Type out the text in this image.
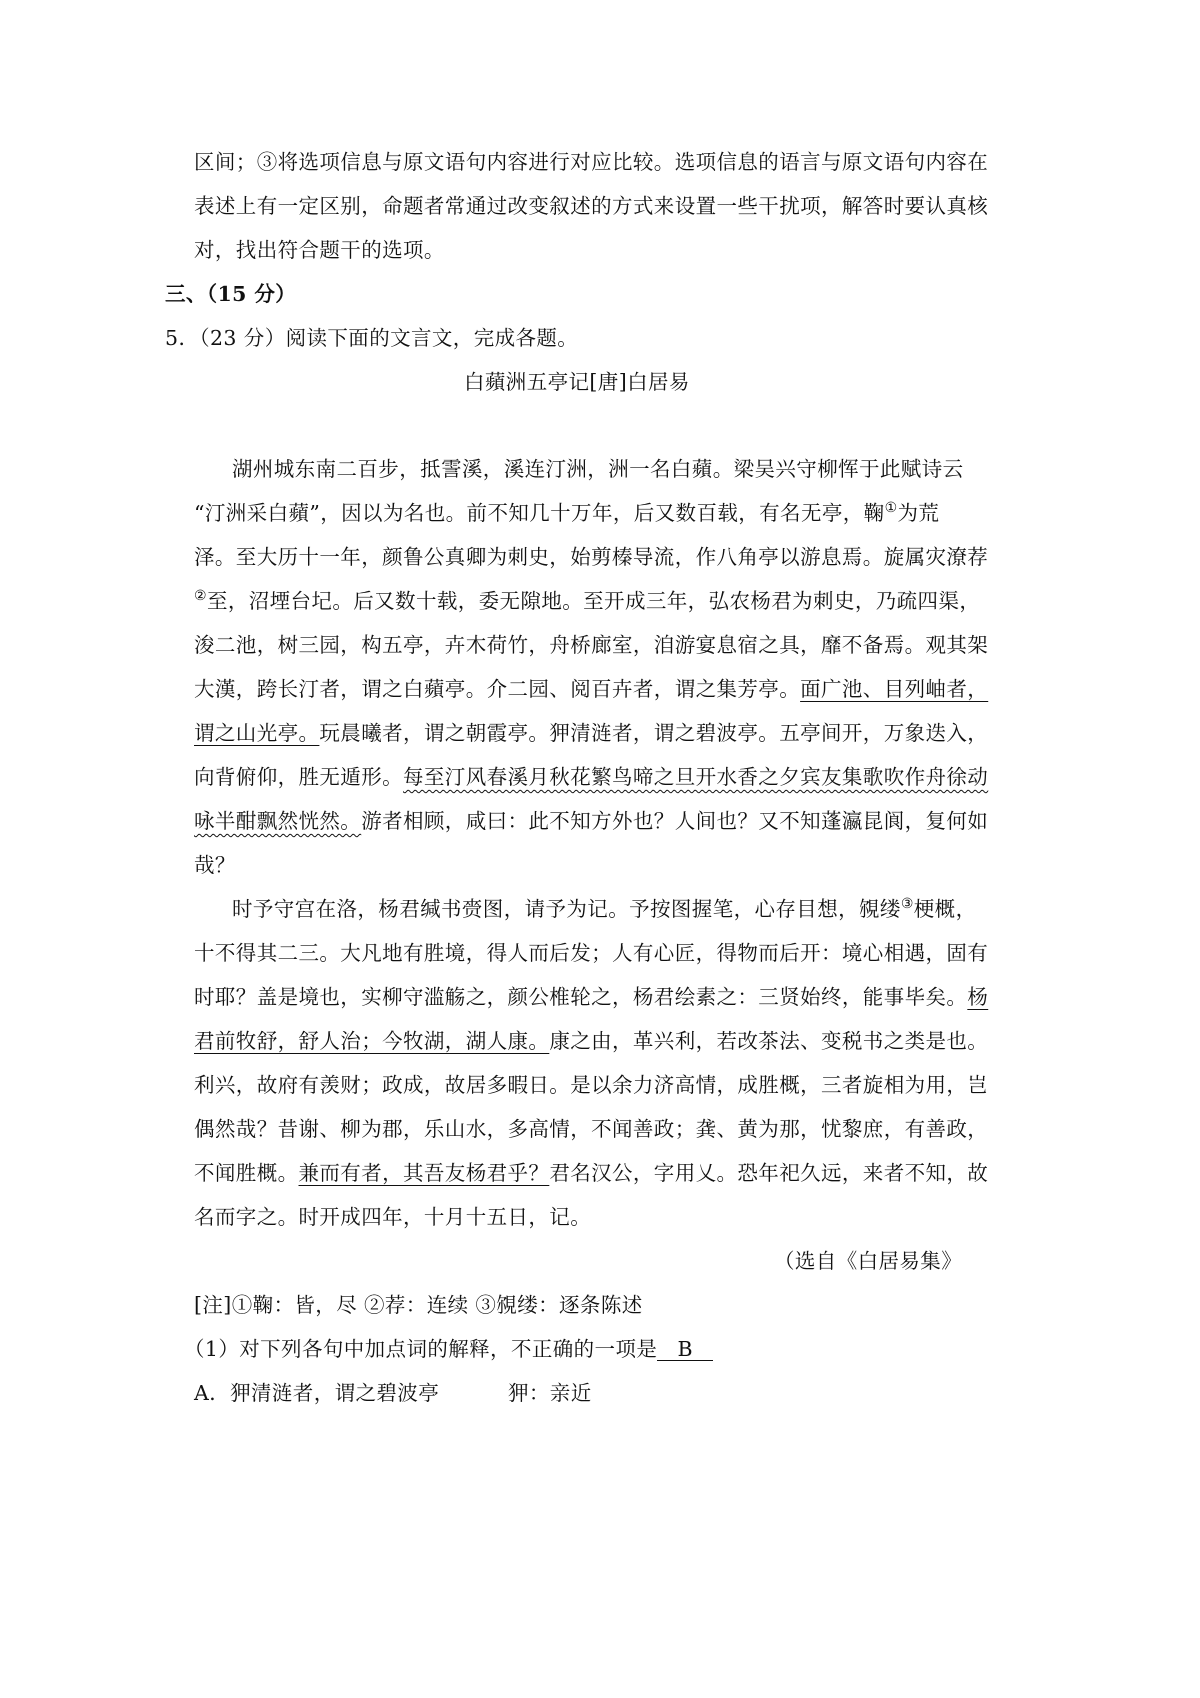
区间；③将选项信息与原文语句内容进行对应比较。选项信息的语言与原文语句内容在
表述上有一定区别，命题者常通过改变叙述的方式来设置一些干扰项，解答时要认真核
对，找出符合题干的选项。
三、（15 分）
5．（23 分）阅读下面的文言文，完成各题。
白蘋洲五亭记[唐]白居易
湖州城东南二百步，抵霅溪，溪连汀洲，洲一名白蘋。梁吴兴守柳恽于此赋诗云
“汀洲采白蘋”，因以为名也。前不知几十万年，后又数百载，有名无亭，鞠①为荒
泽。至大历十一年，颜鲁公真卿为刺史，始剪榛导流，作八角亭以游息焉。旋属灾潦荐
②至，沼堙台圮。后又数十载，委无隙地。至开成三年，弘农杨君为刺史，乃疏四渠，
浚二池，树三园，构五亭，卉木荷竹，舟桥廊室，洎游宴息宿之具，靡不备焉。观其架
大漢，跨长汀者，谓之白蘋亭。介二园、阅百卉者，谓之集芳亭。面广池、目列岫者，
谓之山光亭。玩晨曦者，谓之朝霞亭。狎清涟者，谓之碧波亭。五亭间开，万象迭入，
向背俯仰，胜无遁形。每至汀风春溪月秋花繁鸟啼之旦开水香之夕宾友集歌吹作舟徐动
咏半酣飘然恍然。游者相顾，咸曰：此不知方外也？人间也？又不知蓬瀛昆阆，复何如
哉？
时予守宫在洛，杨君缄书赍图，请予为记。予按图握笔，心存目想，覙缕③梗概，
十不得其二三。大凡地有胜境，得人而后发；人有心匠，得物而后开：境心相遇，固有
时耶？盖是境也，实柳守滥觞之，颜公椎轮之，杨君绘素之：三贤始终，能事毕矣。杨
君前牧舒，舒人治；今牧湖，湖人康。康之由，革兴利，若改茶法、变税书之类是也。
利兴，故府有羡财；政成，故居多暇日。是以余力济高情，成胜概，三者旋相为用，岂
偶然哉？昔谢、柳为郡，乐山水，多高情，不闻善政；龚、黄为那，忧黎庶，有善政，
不闻胜概。兼而有者，其吾友杨君乎？君名汉公，字用乂。恐年祀久远，来者不知，故
名而字之。时开成四年，十月十五日，记。
（选自《白居易集》
[注]①鞠：皆，尽 ②荐：连续 ③覙缕：逐条陈述
（1）对下列各句中加点词的解释，不正确的一项是 B
A．狎清涟者，谓之碧波亭	狎：亲近
